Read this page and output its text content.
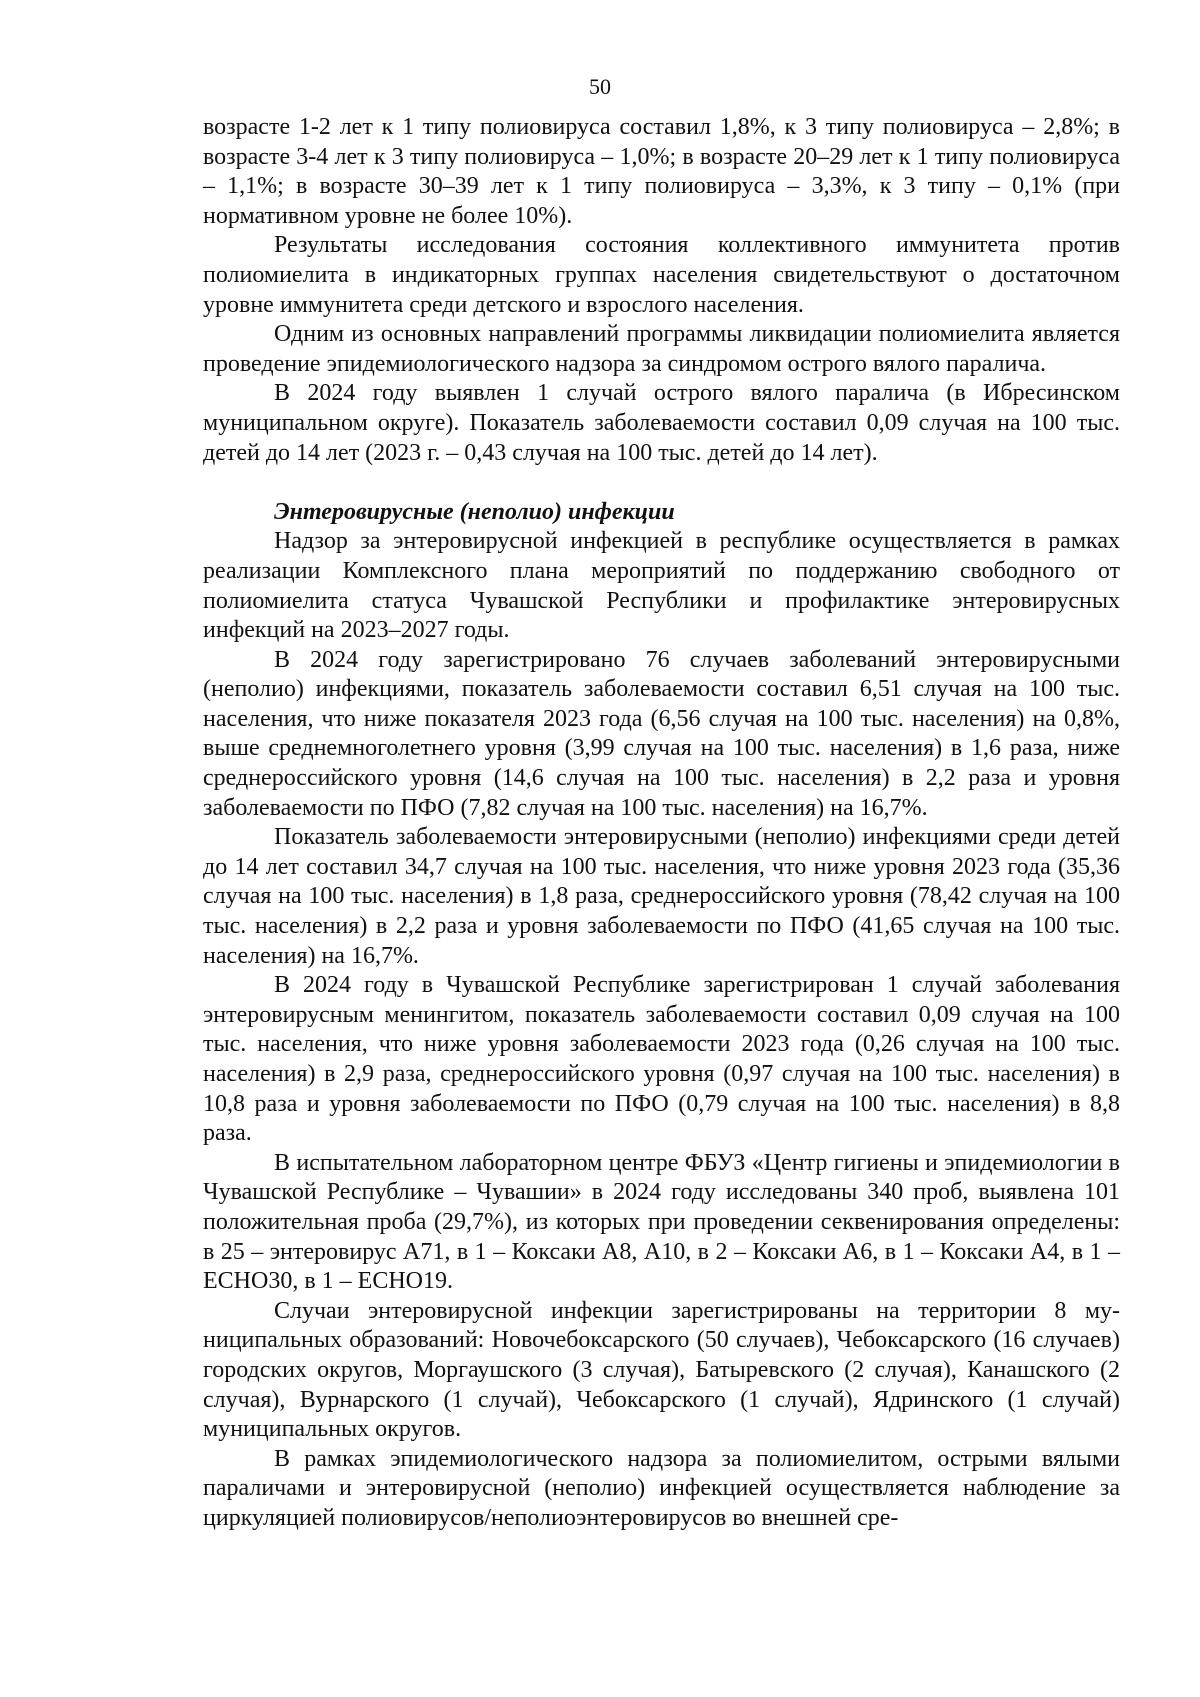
50

возрасте 1-2 лет к 1 типу полиовируса составил 1,8%, к 3 типу полиовируса – 2,8%; в возрасте 3-4 лет к 3 типу полиовируса – 1,0%; в возрасте 20–29 лет к 1 типу полиовируса – 1,1%; в возрасте 30–39 лет к 1 типу полиовируса – 3,3%, к 3 типу – 0,1% (при нормативном уровне не более 10%).

Результаты исследования состояния коллективного иммунитета против полиомиелита в индикаторных группах населения свидетельствуют о достаточном уровне иммунитета среди детского и взрослого населения.

Одним из основных направлений программы ликвидации полиомиелита является проведение эпидемиологического надзора за синдромом острого вялого паралича.

В 2024 году выявлен 1 случай острого вялого паралича (в Ибресинском муниципальном округе). Показатель заболеваемости составил 0,09 случая на 100 тыс. детей до 14 лет (2023 г. – 0,43 случая на 100 тыс. детей до 14 лет).

Энтеровирусные (неполио) инфекции

Надзор за энтеровирусной инфекцией в республике осуществляется в рамках реализации Комплексного плана мероприятий по поддержанию свободного от полиомиелита статуса Чувашской Республики и профилактике энтеровирусных инфекций на 2023–2027 годы.

В 2024 году зарегистрировано 76 случаев заболеваний энтеровирусными (неполио) инфекциями, показатель заболеваемости составил 6,51 случая на 100 тыс. населения, что ниже показателя 2023 года (6,56 случая на 100 тыс. населения) на 0,8%, выше среднемноголетнего уровня (3,99 случая на 100 тыс. населения) в 1,6 раза, ниже среднероссийского уровня (14,6 случая на 100 тыс. населения) в 2,2 раза и уровня заболеваемости по ПФО (7,82 случая на 100 тыс. населения) на 16,7%.

Показатель заболеваемости энтеровирусными (неполио) инфекциями среди детей до 14 лет составил 34,7 случая на 100 тыс. населения, что ниже уровня 2023 года (35,36 случая на 100 тыс. населения) в 1,8 раза, среднероссийского уровня (78,42 случая на 100 тыс. населения) в 2,2 раза и уровня заболеваемости по ПФО (41,65 случая на 100 тыс. населения) на 16,7%.

В 2024 году в Чувашской Республике зарегистрирован 1 случай заболевания энтеровирусным менингитом, показатель заболеваемости составил 0,09 случая на 100 тыс. населения, что ниже уровня заболеваемости 2023 года (0,26 случая на 100 тыс. населения) в 2,9 раза, среднероссийского уровня (0,97 случая на 100 тыс. населения) в 10,8 раза и уровня заболеваемости по ПФО (0,79 случая на 100 тыс. населения) в 8,8 раза.

В испытательном лабораторном центре ФБУЗ «Центр гигиены и эпидемиологии в Чувашской Республике – Чувашии» в 2024 году исследованы 340 проб, выявлена 101 положительная проба (29,7%), из которых при проведении секвенирования определены: в 25 – энтеровирус А71, в 1 – Коксаки А8, А10, в 2 – Коксаки А6, в 1 – Коксаки А4, в 1 – ECHO30, в 1 – ECHO19.

Случаи энтеровирусной инфекции зарегистрированы на территории 8 муниципальных образований: Новочебоксарского (50 случаев), Чебоксарского (16 случаев) городских округов, Моргаушского (3 случая), Батыревского (2 случая), Канашского (2 случая), Вурнарского (1 случай), Чебоксарского (1 случай), Ядринского (1 случай) муниципальных округов.

В рамках эпидемиологического надзора за полиомиелитом, острыми вялыми параличами и энтеровирусной (неполио) инфекцией осуществляется наблюдение за циркуляцией полиовирусов/неполиоэнтеровирусов во внешней сре-
